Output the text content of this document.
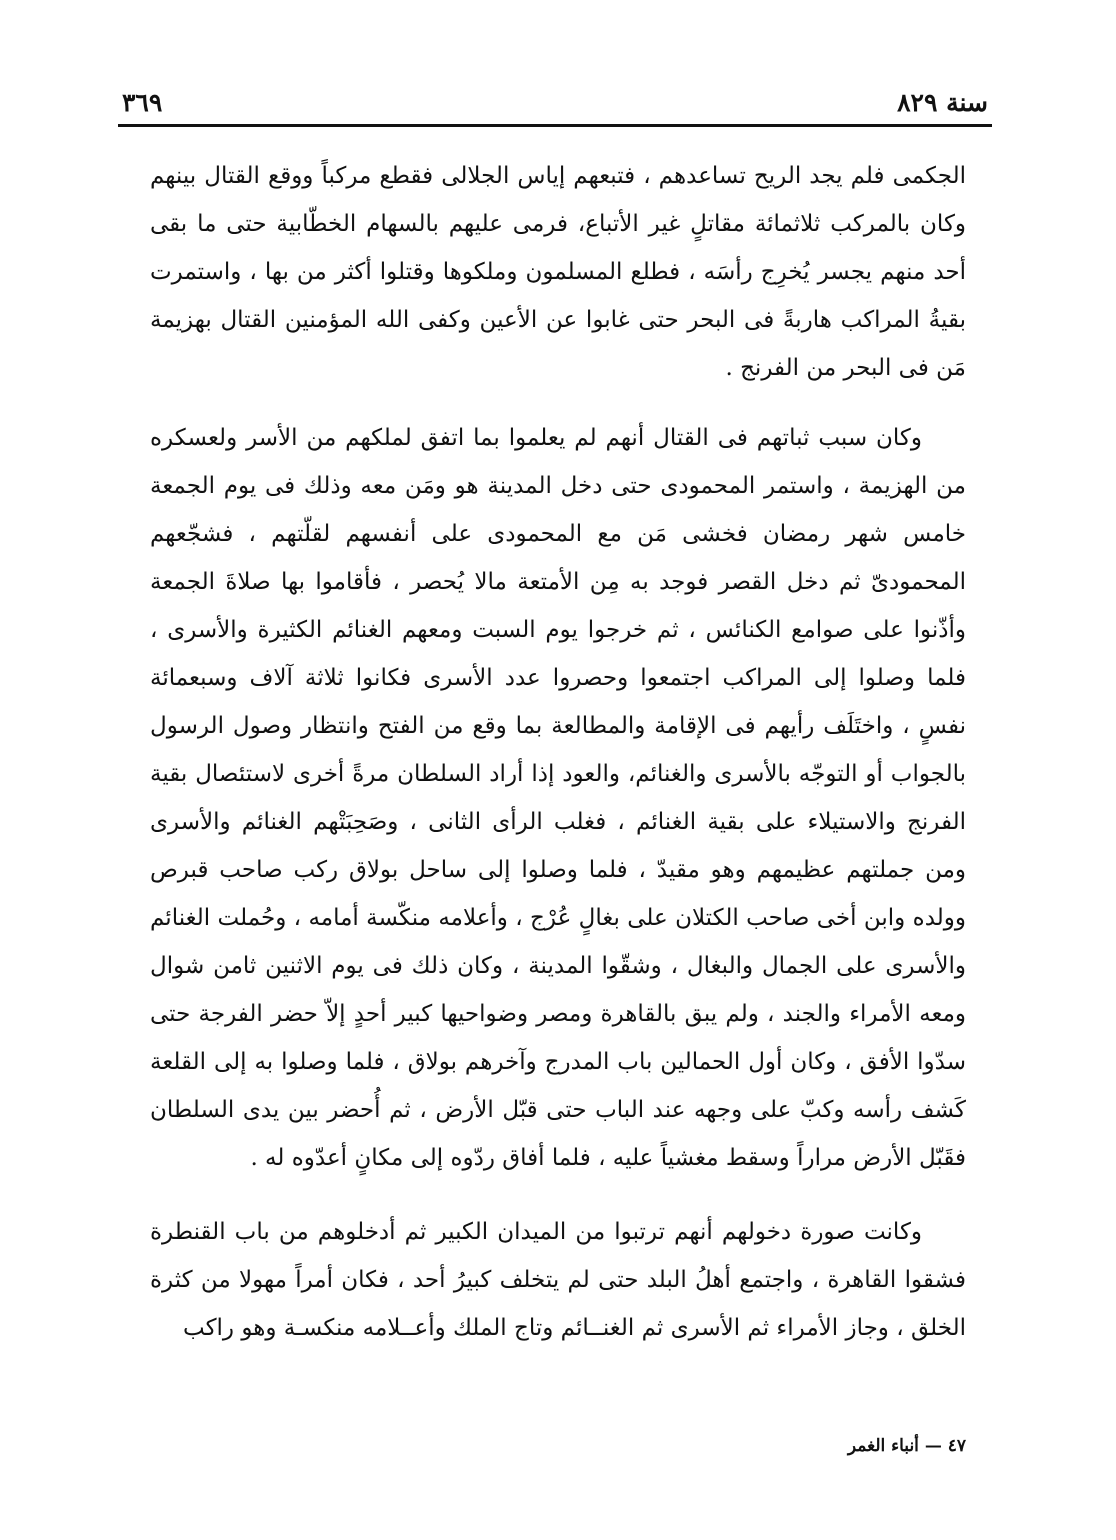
سنة ٨٢٩
٣٦٩

الجكمى فلم يجد الريح تساعدهم ، فتبعهم إياس الجلالى فقطع مركباً ووقع القتال بينهم وكان بالمركب ثلاثمائة مقاتلٍ غير الأتباع، فرمى عليهم بالسهام الخطّابية حتى ما بقى أحد منهم يجسر يُخرِج رأسَه ، فطلع المسلمون وملكوها وقتلوا أكثر من بها ، واستمرت بقيةُ المراكب هاربةً فى البحر حتى غابوا عن الأعين وكفى الله المؤمنين القتال بهزيمة مَن فى البحر من الفرنج .

وكان سبب ثباتهم فى القتال أنهم لم يعلموا بما اتفق لملكهم من الأسر ولعسكره من الهزيمة ، واستمر المحمودى حتى دخل المدينة هو ومَن معه وذلك فى يوم الجمعة خامس شهر رمضان فخشى مَن مع المحمودى على أنفسهم لقلّتهم ، فشجّعهم المحمودىّ ثم دخل القصر فوجد به مِن الأمتعة مالا يُحصر ، فأقاموا بها صلاةَ الجمعة وأذّنوا على صوامع الكنائس ، ثم خرجوا يوم السبت ومعهم الغنائم الكثيرة والأسرى ، فلما وصلوا إلى المراكب اجتمعوا وحصروا عدد الأسرى فكانوا ثلاثة آلاف وسبعمائة نفسٍ ، واختَلَف رأيهم فى الإقامة والمطالعة بما وقع من الفتح وانتظار وصول الرسول بالجواب أو التوجّه بالأسرى والغنائم، والعود إذا أراد السلطان مرةً أخرى لاستئصال بقية الفرنج والاستيلاء على بقية الغنائم ، فغلب الرأى الثانى ، وصَحِبَتْهم الغنائم والأسرى ومن جملتهم عظيمهم وهو مقيدّ ، فلما وصلوا إلى ساحل بولاق ركب صاحب قبرص وولده وابن أخى صاحب الكتلان على بغالٍ عُرْج ، وأعلامه منكّسة أمامه ، وحُملت الغنائم والأسرى على الجمال والبغال ، وشقّوا المدينة ، وكان ذلك فى يوم الاثنين ثامن شوال ومعه الأمراء والجند ، ولم يبق بالقاهرة ومصر وضواحيها كبير أحدٍ إلاّ حضر الفرجة حتى سدّوا الأفق ، وكان أول الحمالين باب المدرج وآخرهم بولاق ، فلما وصلوا به إلى القلعة كَشف رأسه وكبّ على وجهه عند الباب حتى قبّل الأرض ، ثم أُحضر بين يدى السلطان فقَبّل الأرض مراراً وسقط مغشياً عليه ، فلما أفاق ردّوه إلى مكانٍ أعدّوه له .

وكانت صورة دخولهم أنهم ترتبوا من الميدان الكبير ثم أدخلوهم من باب القنطرة فشقوا القاهرة ، واجتمع أهلُ البلد حتى لم يتخلف كبيرُ أحد ، فكان أمراً مهولا من كثرة الخلق ، وجاز الأمراء ثم الأسرى ثم الغنــائم وتاج الملك وأعــلامه منكسـة وهو راكب

٤٧ — أنباء الغمر
